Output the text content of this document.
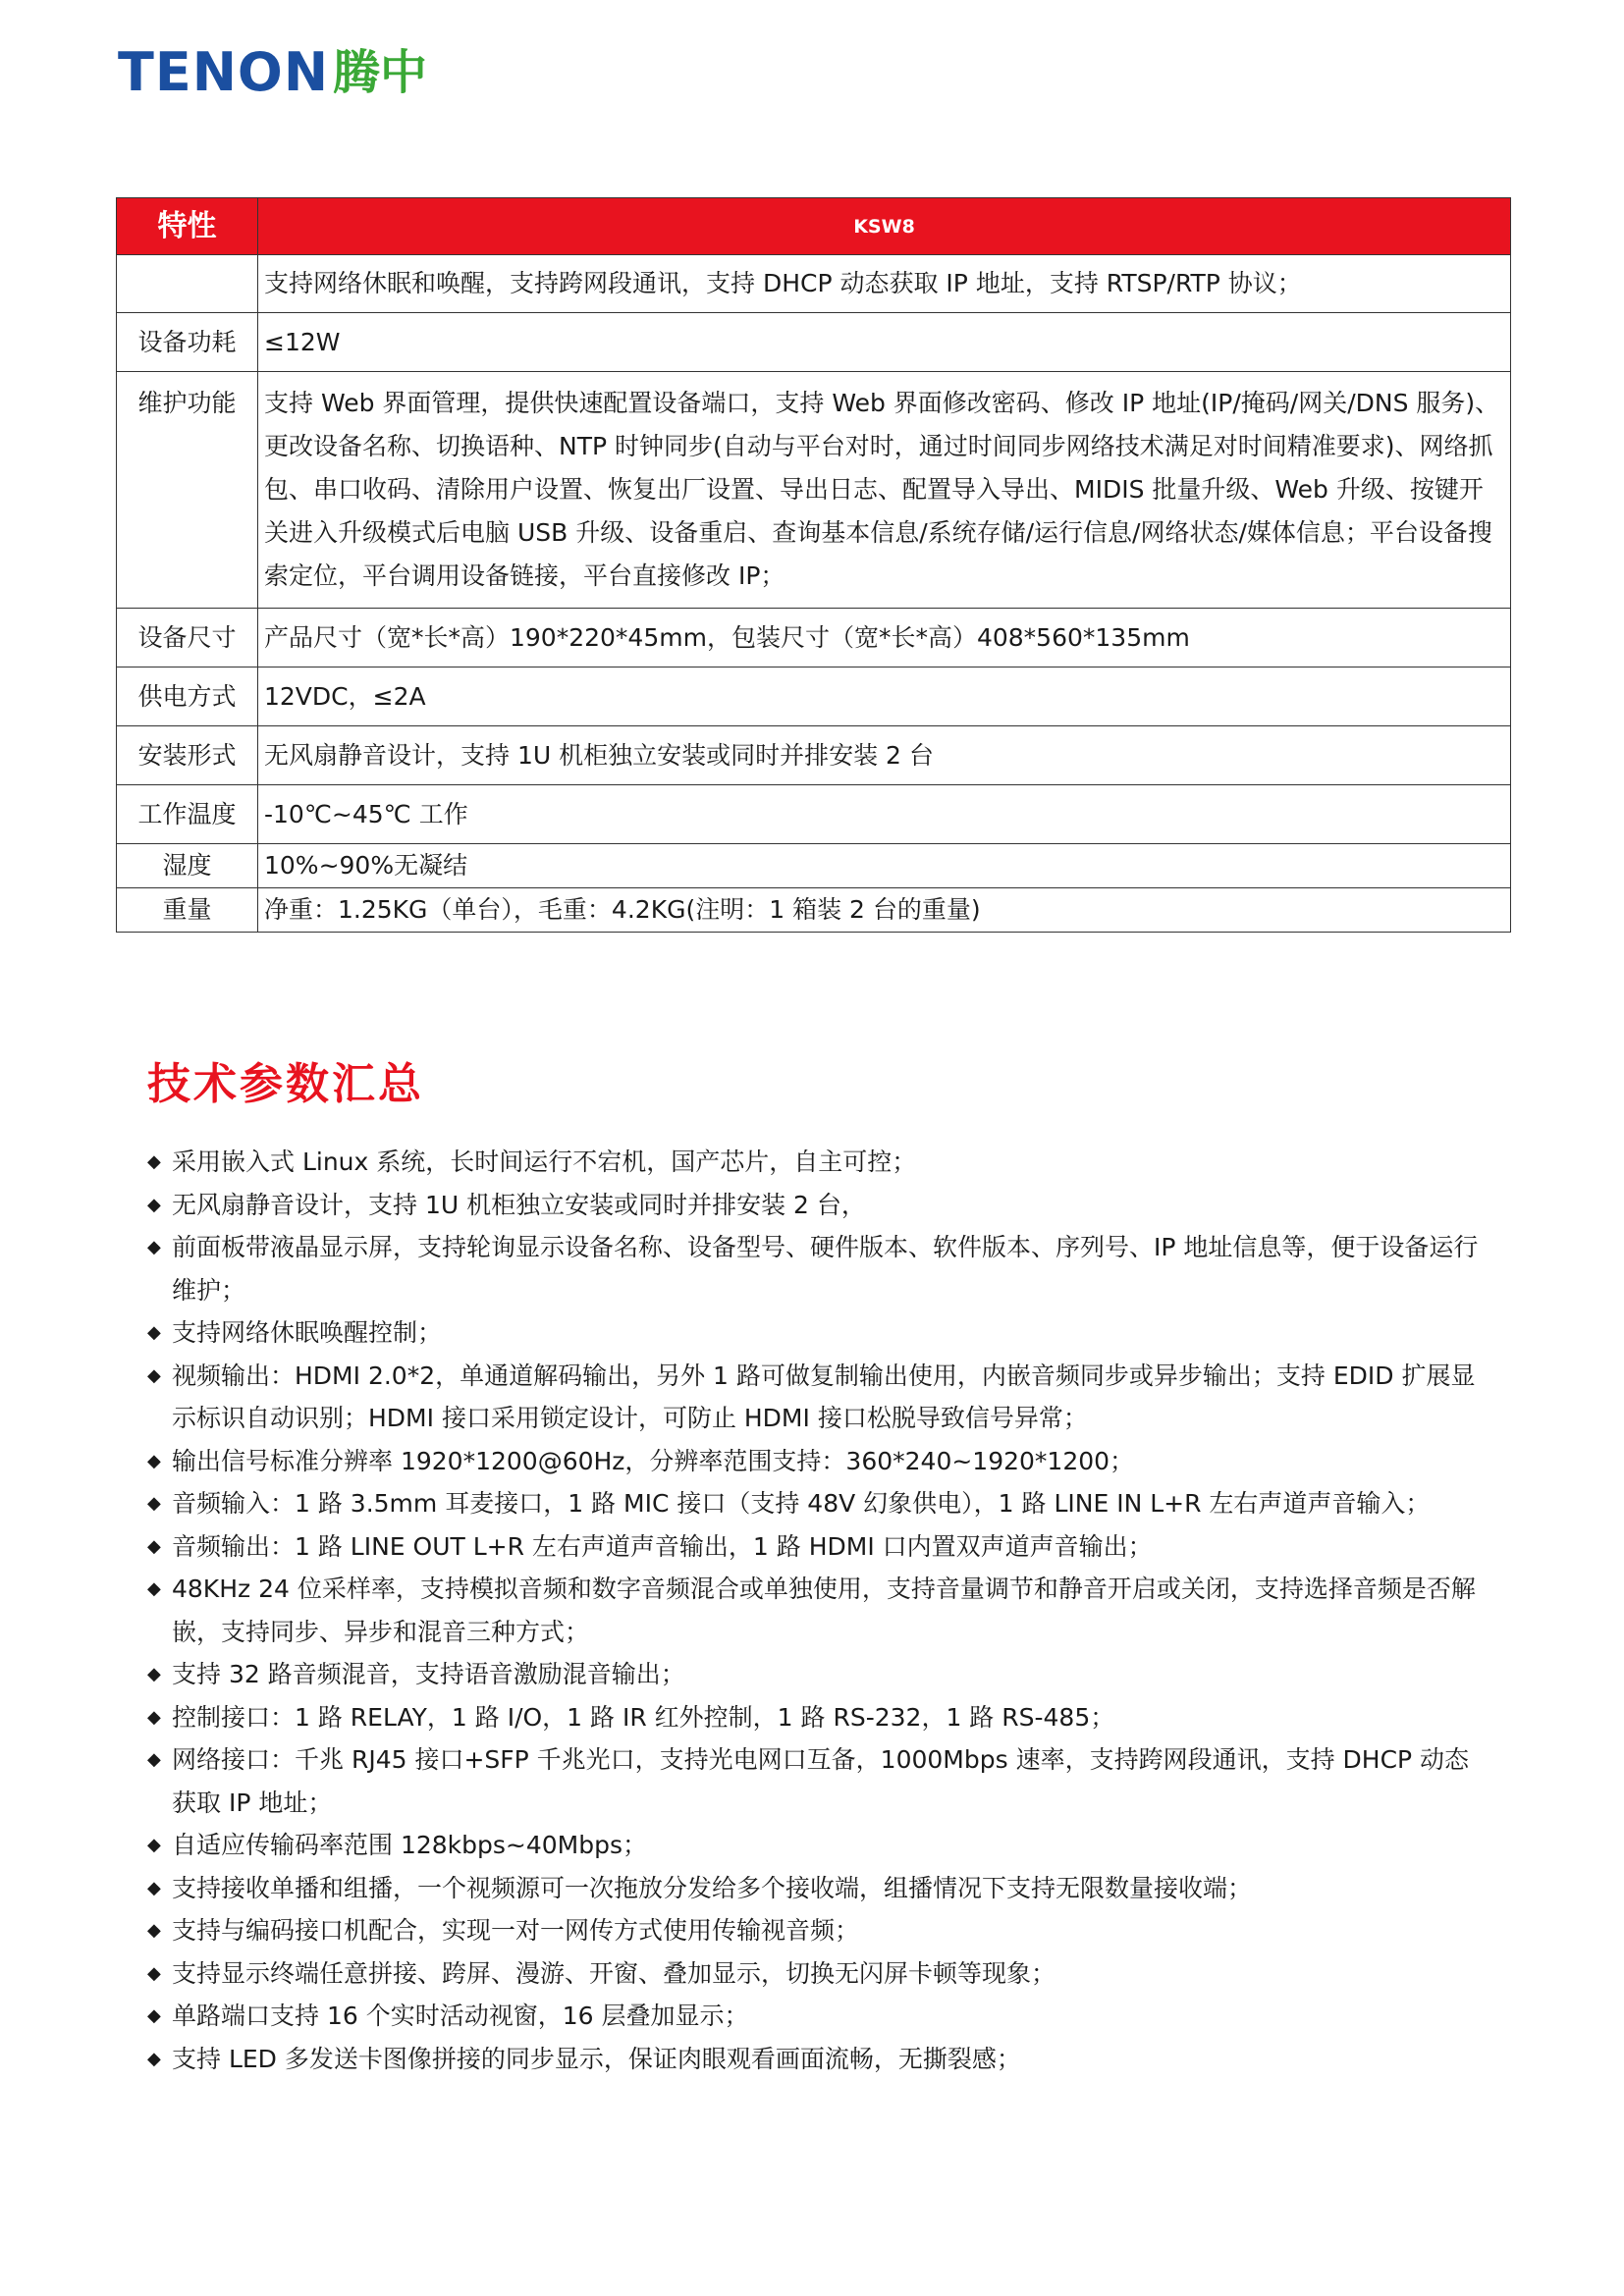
TENON 腾中
特性	KSW8
	支持网络休眠和唤醒，支持跨网段通讯，支持 DHCP 动态获取 IP 地址，支持 RTSP/RTP 协议；
设备功耗	≤12W
维护功能	支持 Web 界面管理，提供快速配置设备端口，支持 Web 界面修改密码、修改 IP 地址(IP/掩码/网关/DNS 服务)、更改设备名称、切换语种、NTP 时钟同步(自动与平台对时，通过时间同步网络技术满足对时间精准要求)、网络抓包、串口收码、清除用户设置、恢复出厂设置、导出日志、配置导入导出、MIDIS 批量升级、Web 升级、按键开关进入升级模式后电脑 USB 升级、设备重启、查询基本信息/系统存储/运行信息/网络状态/媒体信息；平台设备搜索定位，平台调用设备链接，平台直接修改 IP；
设备尺寸	产品尺寸（宽*长*高）190*220*45mm，包装尺寸（宽*长*高）408*560*135mm
供电方式	12VDC，≤2A
安装形式	无风扇静音设计，支持 1U 机柜独立安装或同时并排安装 2 台
工作温度	-10℃~45℃ 工作
湿度	10%~90%无凝结
重量	净重：1.25KG（单台），毛重：4.2KG(注明：1 箱装 2 台的重量)
技术参数汇总
◆ 采用嵌入式 Linux 系统，长时间运行不宕机，国产芯片，自主可控；
◆ 无风扇静音设计，支持 1U 机柜独立安装或同时并排安装 2 台，
◆ 前面板带液晶显示屏，支持轮询显示设备名称、设备型号、硬件版本、软件版本、序列号、IP 地址信息等，便于设备运行维护；
◆ 支持网络休眠唤醒控制；
◆ 视频输出：HDMI 2.0*2，单通道解码输出，另外 1 路可做复制输出使用，内嵌音频同步或异步输出；支持 EDID 扩展显示标识自动识别；HDMI 接口采用锁定设计，可防止 HDMI 接口松脱导致信号异常；
◆ 输出信号标准分辨率 1920*1200@60Hz，分辨率范围支持：360*240~1920*1200；
◆ 音频输入：1 路 3.5mm 耳麦接口，1 路 MIC 接口（支持 48V 幻象供电），1 路 LINE IN L+R 左右声道声音输入；
◆ 音频输出：1 路 LINE OUT L+R 左右声道声音输出，1 路 HDMI 口内置双声道声音输出；
◆ 48KHz 24 位采样率，支持模拟音频和数字音频混合或单独使用，支持音量调节和静音开启或关闭，支持选择音频是否解嵌，支持同步、异步和混音三种方式；
◆ 支持 32 路音频混音，支持语音激励混音输出；
◆ 控制接口：1 路 RELAY，1 路 I/O，1 路 IR 红外控制，1 路 RS-232，1 路 RS-485；
◆ 网络接口：千兆 RJ45 接口+SFP 千兆光口，支持光电网口互备，1000Mbps 速率，支持跨网段通讯，支持 DHCP 动态获取 IP 地址；
◆ 自适应传输码率范围 128kbps~40Mbps；
◆ 支持接收单播和组播，一个视频源可一次拖放分发给多个接收端，组播情况下支持无限数量接收端；
◆ 支持与编码接口机配合，实现一对一网传方式使用传输视音频；
◆ 支持显示终端任意拼接、跨屏、漫游、开窗、叠加显示，切换无闪屏卡顿等现象；
◆ 单路端口支持 16 个实时活动视窗，16 层叠加显示；
◆ 支持 LED 多发送卡图像拼接的同步显示，保证肉眼观看画面流畅，无撕裂感；
